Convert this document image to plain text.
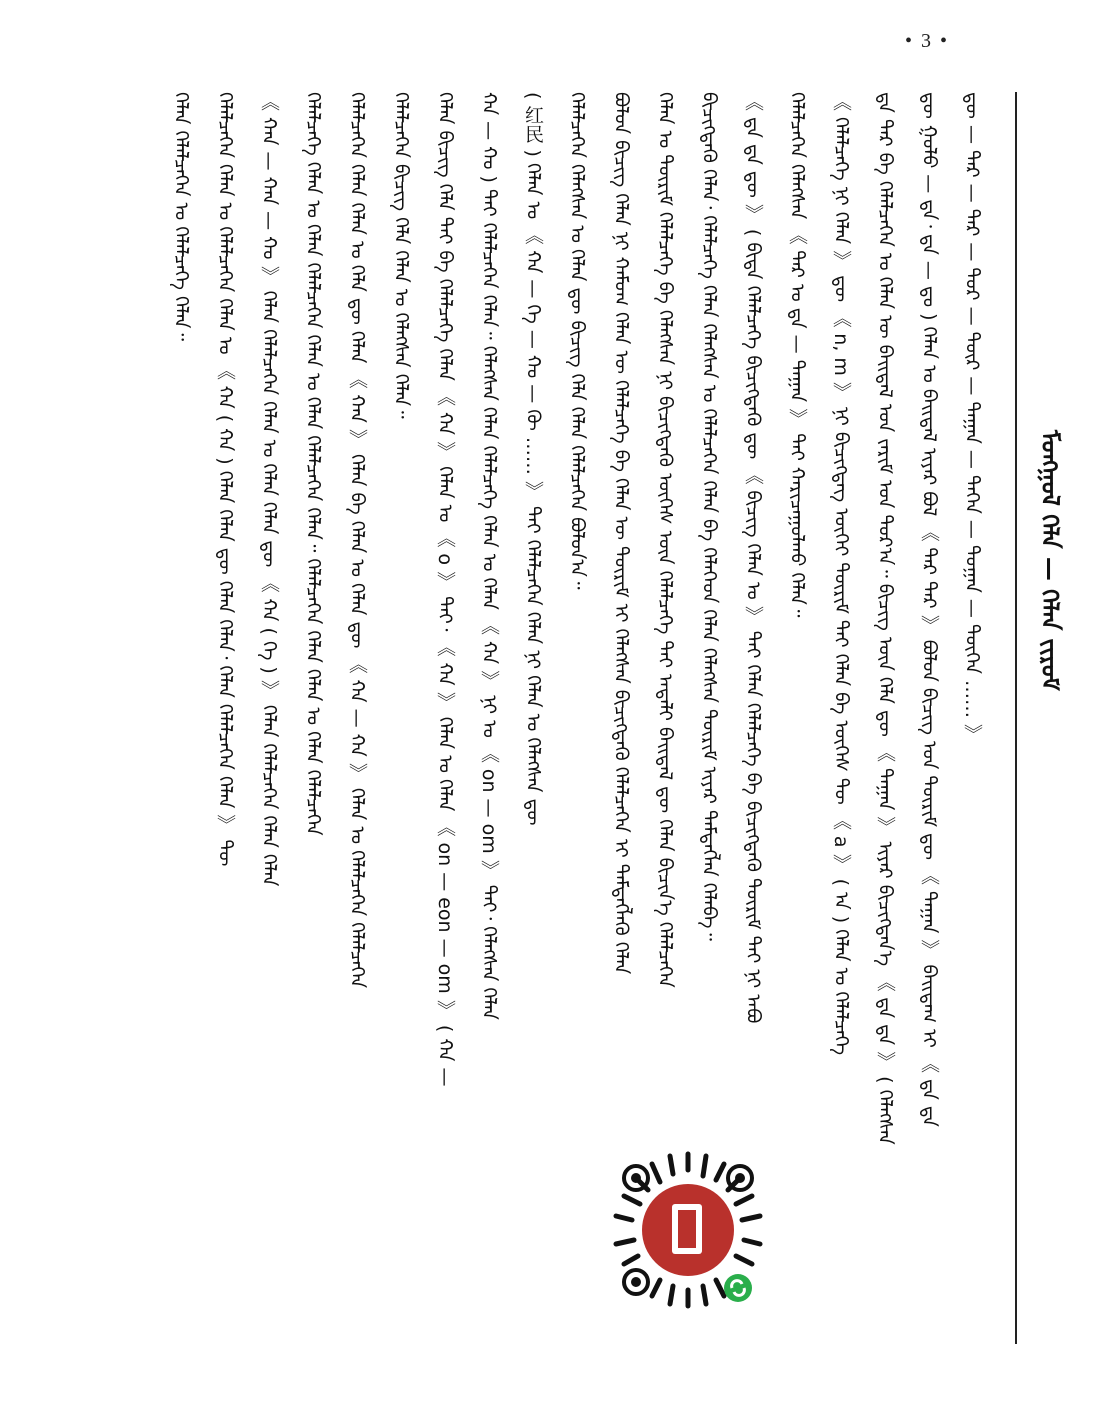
• 3 •
ᠮᠣᠩᠭᠣᠯ ᠬᠡᠯᠡ — ᠬᠡᠯᠡᠨ ᠵᠢᠷᠤᠮ
ᠳᠥ — ᠳᠠᠷ — ᠳᠡᠷ — ᠳᠣᠷ — ᠳᠥᠷ — ᠳᠠᠭᠠᠨ — ᠳᠡᠭᠡᠨ — ᠳᠣᠭᠠᠨ — ᠳᠥᠭᠡᠨ …… 》
ᠳᠦ ᠭᠣᠯᠣ — ᠳᠠ᠂ ᠳᠡ — ᠳᠤ ) ᠬᠡᠯᠡᠨ ᠤ ᠪᠠᠢᠳᠠᠯ ᠢᠶᠠᠷ ᠪᠣᠯ 《 ᠳᠠᠷ ᠳᠡᠷ 》 ᠪᠣᠯᠤᠨ ᠪᠢᠴᠢᠭ᠌ ᠤᠨ ᠳᠦᠷᠢᠮ ᠳᠦ 《 ᠳᠠᠭᠠᠨ 》 ᠪᠠᠢᠳᠠᠭ ᠢ 《 ᠳᠠ ᠳᠡ
ᠳᠠ ᠳᠡᠷ ᠪᠠ ᠬᠡᠯᠡᠯᠴᠡᠭᠡᠨ ᠤ ᠬᠡᠯᠡᠨ ᠦ ᠪᠠᠢᠳᠠᠯ ᠤᠨ ᠵᠠᠷᠢᠮ ᠤᠨ ᠳᠣᠷ᠎ᠠ᠃ ᠪᠢᠴᠢᠭ᠌ ᠦᠨ ᠬᠡᠯᠡ ᠳᠦ 《 ᠳᠠᠭᠠᠨ 》 ᠢᠶᠡᠷ ᠪᠢᠴᠢᠭᠳᠡᠨ᠎ᠡ 《 ᠳᠠ ᠳᠡ 》 ( ᠬᠡᠯᠡᠭᠰᠡᠨ
《 ᠬᠡᠯᠡᠯᠴᠡᠭᠡ ᠨᠢ ᠬᠡᠯᠡᠨ 》 ᠳᠦ 《 n, m 》 ᠨᠢ ᠪᠢᠴᠢᠭᠳᠡᠭ ᠦᠭᠡᠢ ᠳᠦᠷᠢᠮ ᠲᠠᠢ ᠬᠡᠯᠡᠨ ᠪᠠ ᠦᠭᠡᠰ ᠲᠦ 《 a 》 ( ᠠ ) ᠬᠡᠯᠡᠨ ᠤ ᠬᠡᠯᠡᠯᠴᠡᠭᠡ
ᠬᠡᠯᠡᠯᠴᠡᠭᠡᠨ ᠬᠡᠯᠡᠭᠰᠡᠨ 《 ᠳᠠᠷ ᠤ ᠳᠠ — ᠳᠠᠭᠠᠨ 》 ᠲᠠᠢ ᠬᠠᠷᠢᠴᠠᠭᠤᠯᠬᠤ ᠬᠡᠯᠡᠨ᠃
《 ᠳᠠ ᠳᠡ ᠳᠦ 》 ( ᠪᠢᠳᠡ ᠬᠡᠯᠡᠯᠴᠡᠭᠡ ᠪᠢᠴᠢᠭᠳᠡᠬᠦ ᠳᠦ 《 ᠪᠢᠴᠢᠭ᠌ ᠬᠡᠯᠡᠨ ᠤ 》 ᠲᠠᠢ ᠬᠡᠯᠡᠨ ᠬᠡᠯᠡᠯᠴᠡᠭᠡ ᠪᠠ ᠪᠢᠴᠢᠭᠳᠡᠬᠦ ᠳᠦᠷᠢᠮ ᠲᠡᠢ ᠨᠢ ᠠᠪᠤ
ᠪᠢᠴᠢᠭᠳᠡᠬᠦ ᠬᠡᠯᠡᠨ᠂ ᠬᠡᠯᠡᠯᠴᠡᠭᠡ ᠬᠡᠯᠡᠨ ᠬᠡᠯᠡᠭᠰᠡᠨ ᠤ ᠬᠡᠯᠡᠯᠴᠡᠭᠡᠨ ᠬᠡᠯᠡᠨ ᠪᠠ ᠬᠡᠯᠡᠭᠡᠳ ᠬᠡᠯᠡᠨ ᠬᠡᠯᠡᠭᠰᠡᠨ ᠳᠦᠷᠢᠮ ᠢᠶᠠᠷ ᠲᠡᠮᠳᠡᠭᠯᠡᠨ ᠬᠡᠯᠡᠪᠡ᠃
ᠬᠡᠯᠡᠨ ᠤ ᠳᠦᠷᠢᠮ ᠬᠡᠯᠡᠯᠴᠡᠭᠡ ᠪᠠ ᠬᠡᠯᠡᠭᠰᠡᠨ ᠨᠢ ᠪᠢᠴᠢᠭᠳᠡᠬᠦ ᠦᠭᠡᠰ ᠦᠨ ᠬᠡᠯᠡᠯᠴᠡᠭᠡ ᠲᠡᠢ ᠠᠳᠠᠯᠢ ᠪᠠᠢᠳᠠᠯ ᠳᠦ ᠬᠡᠯᠡᠨ ᠪᠢᠴᠢᠨ᠎ᠡ ᠬᠡᠯᠡᠯᠴᠡᠭᠡᠨ
ᠪᠣᠯᠤᠨ ᠪᠢᠴᠢᠭ᠌ ᠬᠡᠯᠡᠨ ᠨᠢ ᠬᠠᠮᠤᠭ ᠬᠡᠯᠡᠨ ᠦ ᠬᠡᠯᠡᠯᠴᠡᠭᠡ ᠪᠠ ᠬᠡᠯᠡᠨ ᠦ ᠳᠦᠷᠢᠮ ᠢ ᠬᠡᠯᠡᠭᠰᠡᠨ ᠪᠢᠴᠢᠭᠳᠡᠬᠦ ᠬᠡᠯᠡᠯᠴᠡᠭᠡᠨ ᠢ ᠲᠡᠮᠳᠡᠭᠯᠡᠬᠦ ᠬᠡᠯᠡᠨ
ᠬᠡᠯᠡᠯᠴᠡᠭᠡᠨ ᠬᠡᠯᠡᠭᠰᠡᠨ ᠤ ᠬᠡᠯᠡᠨ ᠳᠦ ᠪᠢᠴᠢᠭ᠌ ᠬᠡᠯᠡ ᠬᠡᠯᠡᠨ ᠬᠡᠯᠡᠯᠴᠡᠭᠡᠨ ᠪᠣᠯᠤᠨ᠎ᠠ᠃
( 红民 ) ᠬᠡᠯᠡᠨ ᠤ 《 ᠬᠠ — ᠬᠡ — ᠬᠣ — ᠬᠦ …… 》 ᠲᠠᠢ ᠬᠡᠯᠡᠯᠴᠡᠭᠡᠨ ᠬᠡᠯᠡᠨ ᠨᠢ ᠬᠡᠯᠡᠨ ᠤ ᠬᠡᠯᠡᠭᠰᠡᠨ ᠳᠦ
ᠬᠠ — ᠬᠣ ) ᠲᠠᠢ ᠬᠡᠯᠡᠯᠴᠡᠭᠡᠨ ᠬᠡᠯᠡᠨ᠃ ᠬᠡᠯᠡᠭᠰᠡᠨ ᠬᠡᠯᠡᠨ ᠬᠡᠯᠡᠯᠴᠡᠭᠡ ᠬᠡᠯᠡᠨ ᠤ ᠬᠡᠯᠡᠨ 《 ᠬᠠ 》 ᠨᠢ ᠤ 《 on — om 》 ᠲᠡᠢ᠂ ᠬᠡᠯᠡᠭᠰᠡᠨ ᠬᠡᠯᠡᠨ
ᠬᠡᠯᠡᠨ ᠪᠢᠴᠢᠭ᠌ ᠬᠡᠯᠡ ᠲᠠᠢ ᠪᠠ ᠬᠡᠯᠡᠯᠴᠡᠭᠡ ᠬᠡᠯᠡᠨ 《 ᠬᠠ 》 ᠬᠡᠯᠡᠨ ᠤ 《 o 》 ᠲᠡᠢ᠂ 《 ᠬᠠ 》 ᠬᠡᠯᠡᠨ ᠤ ᠬᠡᠯᠡᠨ 《 on — eon — om 》 ( ᠬᠠ —
ᠬᠡᠯᠡᠯᠴᠡᠭᠡᠨ ᠪᠢᠴᠢᠭ᠌ ᠬᠡᠯᠡ ᠬᠡᠯᠡᠨ ᠤ ᠬᠡᠯᠡᠭᠰᠡᠨ ᠬᠡᠯᠡᠨ᠃
ᠬᠡᠯᠡᠯᠴᠡᠭᠡᠨ ᠬᠡᠯᠡᠨ ᠬᠡᠯᠡᠨ ᠤ ᠬᠡᠯᠡ ᠳᠦ ᠬᠡᠯᠡᠨ 《 ᠬᠠᠨ 》 ᠬᠡᠯᠡᠨ ᠪᠠ ᠬᠡᠯᠡᠨ ᠤ ᠬᠡᠯᠡᠨ ᠳᠦ 《 ᠬᠠ — ᠬᠠ 》 ᠬᠡᠯᠡᠨ ᠤ ᠬᠡᠯᠡᠯᠴᠡᠭᠡᠨ ᠬᠡᠯᠡᠯᠴᠡᠭᠡᠨ
ᠬᠡᠯᠡᠯᠴᠡᠭᠡ ᠬᠡᠯᠡᠨ ᠤ ᠬᠡᠯᠡᠨ ᠬᠡᠯᠡᠯᠴᠡᠭᠡᠨ ᠬᠡᠯᠡᠨ ᠤ ᠬᠡᠯᠡᠨ ᠬᠡᠯᠡᠯᠴᠡᠭᠡᠨ ᠬᠡᠯᠡᠨ᠃ ᠬᠡᠯᠡᠯᠴᠡᠭᠡᠨ ᠬᠡᠯᠡᠨ ᠬᠡᠯᠡᠨ ᠤ ᠬᠡᠯᠡᠨ ᠬᠡᠯᠡᠯᠴᠡᠭᠡᠨ
《 ᠬᠠᠨ — ᠬᠠᠨ — ᠬᠣ 》 ᠬᠡᠯᠡᠨ ᠬᠡᠯᠡᠯᠴᠡᠭᠡᠨ ᠬᠡᠯᠡᠨ ᠤ ᠬᠡᠯᠡᠨ ᠬᠡᠯᠡᠨ ᠳᠦ 《 ᠬᠠ ( ᠬᠡ ) 》 ᠬᠡᠯᠡᠨ ᠬᠡᠯᠡᠯᠴᠡᠭᠡᠨ ᠬᠡᠯᠡᠨ ᠬᠡᠯᠡᠨ
ᠬᠡᠯᠡᠯᠴᠡᠭᠡᠨ ᠬᠡᠯᠡᠨ ᠤ ᠬᠡᠯᠡᠯᠴᠡᠭᠡᠨ ᠬᠡᠯᠡᠨ ᠤ 《 ᠬᠠ ( ᠬᠠ ) ᠬᠡᠯᠡᠨ ᠬᠡᠯᠡᠨ ᠳᠦ ᠬᠡᠯᠡᠨ ᠬᠡᠯᠡᠨ᠂ ᠬᠡᠯᠡᠨ ᠬᠡᠯᠡᠯᠴᠡᠭᠡᠨ ᠬᠡᠯᠡᠨ 》 ᠲᠦ
ᠬᠡᠯᠡᠨ ᠬᠡᠯᠡᠯᠴᠡᠭᠡᠨ ᠤ ᠬᠡᠯᠡᠯᠴᠡᠭᠡ ᠬᠡᠯᠡᠨ᠃
